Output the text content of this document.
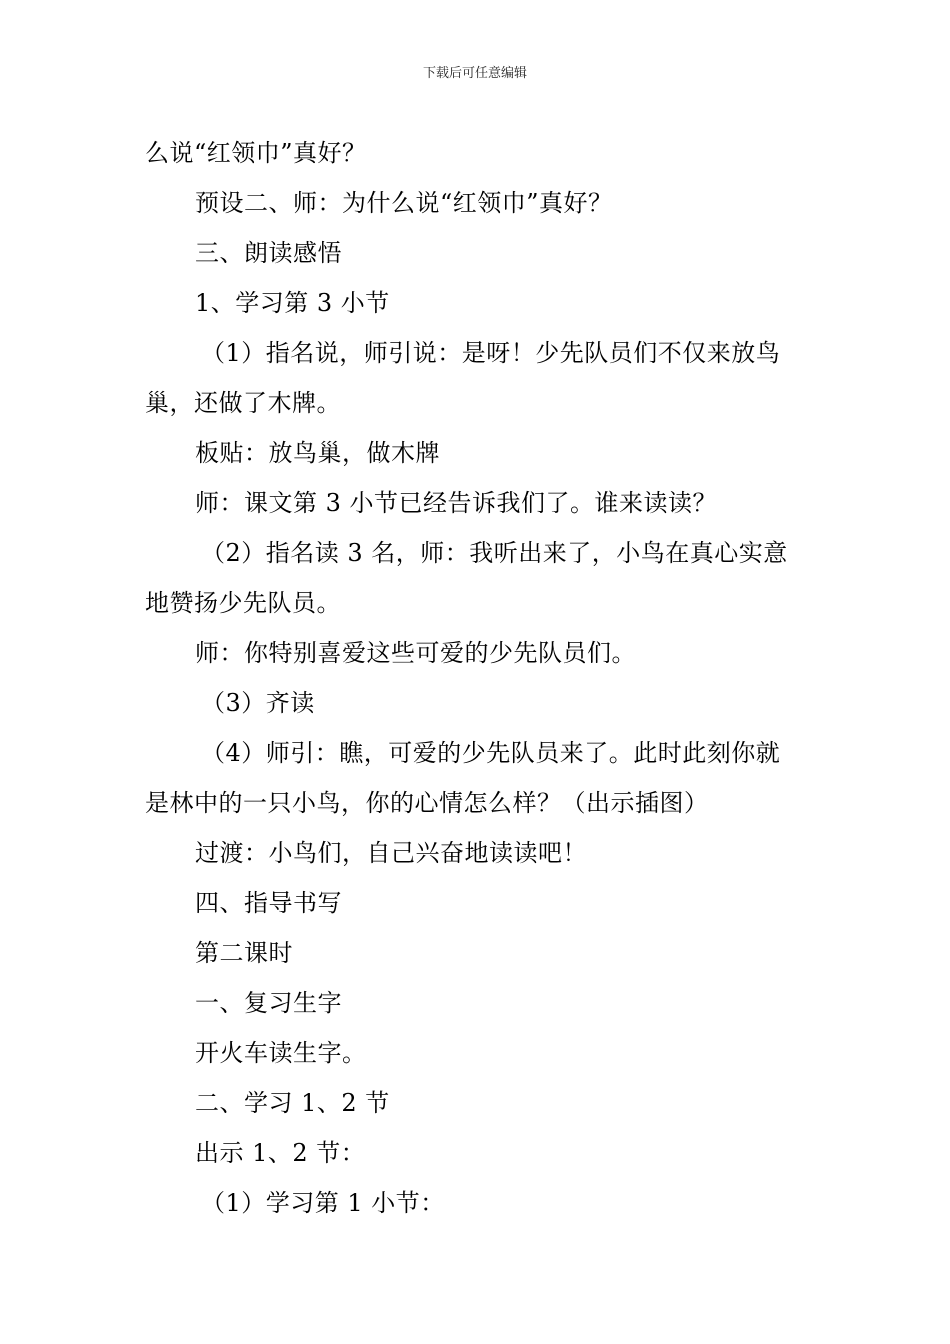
下载后可任意编辑
么说“红领巾”真好？
预设二、师：为什么说“红领巾”真好？
三、朗读感悟
1、学习第 3 小节
（1）指名说，师引说：是呀！少先队员们不仅来放鸟
巢，还做了木牌。
板贴：放鸟巢，做木牌
师：课文第 3 小节已经告诉我们了。谁来读读？
（2）指名读 3 名，师：我听出来了，小鸟在真心实意
地赞扬少先队员。
师：你特别喜爱这些可爱的少先队员们。
（3）齐读
（4）师引：瞧，可爱的少先队员来了。此时此刻你就
是林中的一只小鸟，你的心情怎么样？（出示插图）
过渡：小鸟们，自己兴奋地读读吧！
四、指导书写
第二课时
一、复习生字
开火车读生字。
二、学习 1、2 节
出示 1、2 节：
（1）学习第 1 小节：
